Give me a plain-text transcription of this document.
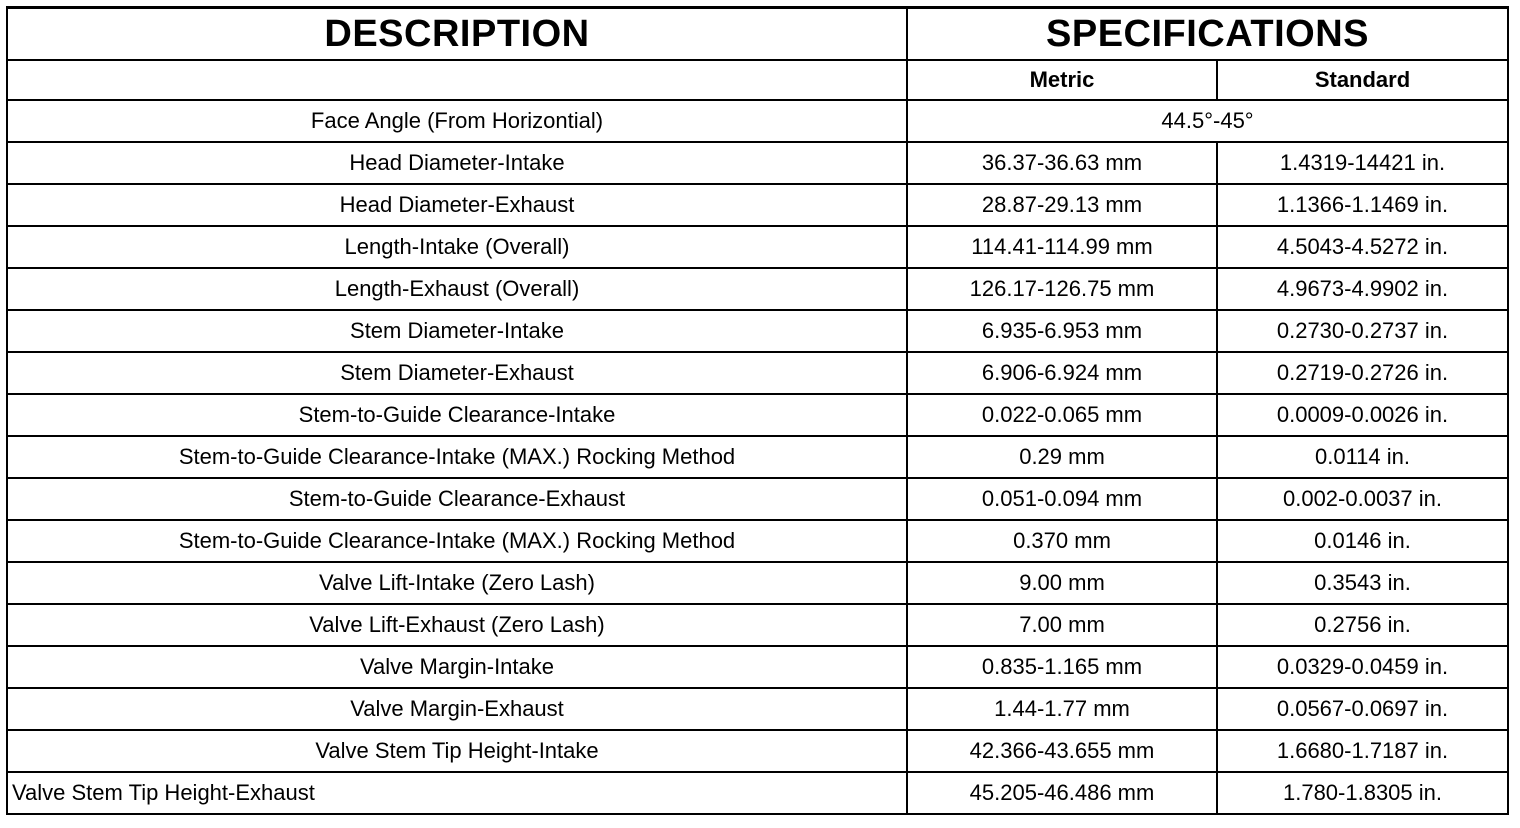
DESCRIPTION	SPECIFICATIONS	
	Metric	Standard
Face Angle (From Horizontial)	44.5°-45°	
Head Diameter-Intake	36.37-36.63 mm	1.4319-14421 in.
Head Diameter-Exhaust	28.87-29.13 mm	1.1366-1.1469 in.
Length-Intake (Overall)	114.41-114.99 mm	4.5043-4.5272 in.
Length-Exhaust (Overall)	126.17-126.75 mm	4.9673-4.9902 in.
Stem Diameter-Intake	6.935-6.953 mm	0.2730-0.2737 in.
Stem Diameter-Exhaust	6.906-6.924 mm	0.2719-0.2726 in.
Stem-to-Guide Clearance-Intake	0.022-0.065 mm	0.0009-0.0026 in.
Stem-to-Guide Clearance-Intake (MAX.) Rocking Method	0.29 mm	0.0114 in.
Stem-to-Guide Clearance-Exhaust	0.051-0.094 mm	0.002-0.0037 in.
Stem-to-Guide Clearance-Intake (MAX.) Rocking Method	0.370 mm	0.0146 in.
Valve Lift-Intake (Zero Lash)	9.00 mm	0.3543 in.
Valve Lift-Exhaust (Zero Lash)	7.00 mm	0.2756 in.
Valve Margin-Intake	0.835-1.165 mm	0.0329-0.0459 in.
Valve Margin-Exhaust	1.44-1.77 mm	0.0567-0.0697 in.
Valve Stem Tip Height-Intake	42.366-43.655 mm	1.6680-1.7187 in.
Valve Stem Tip Height-Exhaust	45.205-46.486 mm	1.780-1.8305 in.
